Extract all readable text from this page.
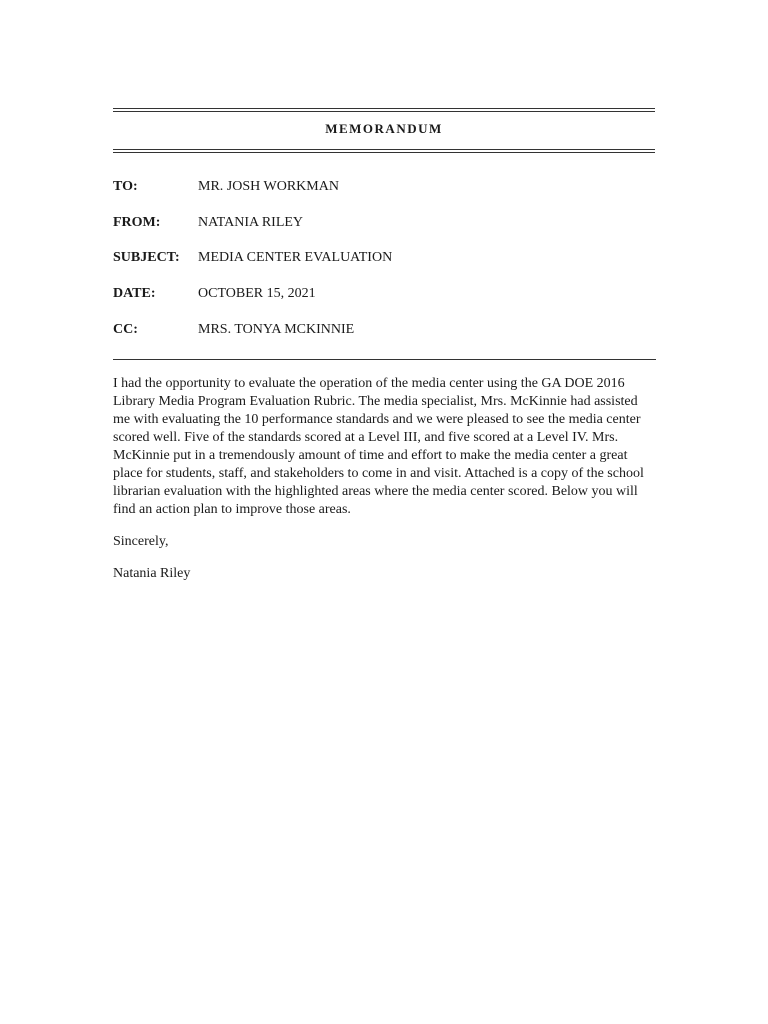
MEMORANDUM
TO:	MR. JOSH WORKMAN
FROM:	NATANIA RILEY
SUBJECT: MEDIA CENTER EVALUATION
DATE:	OCTOBER 15, 2021
CC:	MRS. TONYA MCKINNIE

I had the opportunity to evaluate the operation of the media center using the GA DOE 2016 Library Media Program Evaluation Rubric. The media specialist, Mrs. McKinnie had assisted me with evaluating the 10 performance standards and we were pleased to see the media center scored well. Five of the standards scored at a Level III, and five scored at a Level IV. Mrs. McKinnie put in a tremendously amount of time and effort to make the media center a great place for students, staff, and stakeholders to come in and visit. Attached is a copy of the school librarian evaluation with the highlighted areas where the media center scored. Below you will find an action plan to improve those areas.

Sincerely,
Natania Riley
